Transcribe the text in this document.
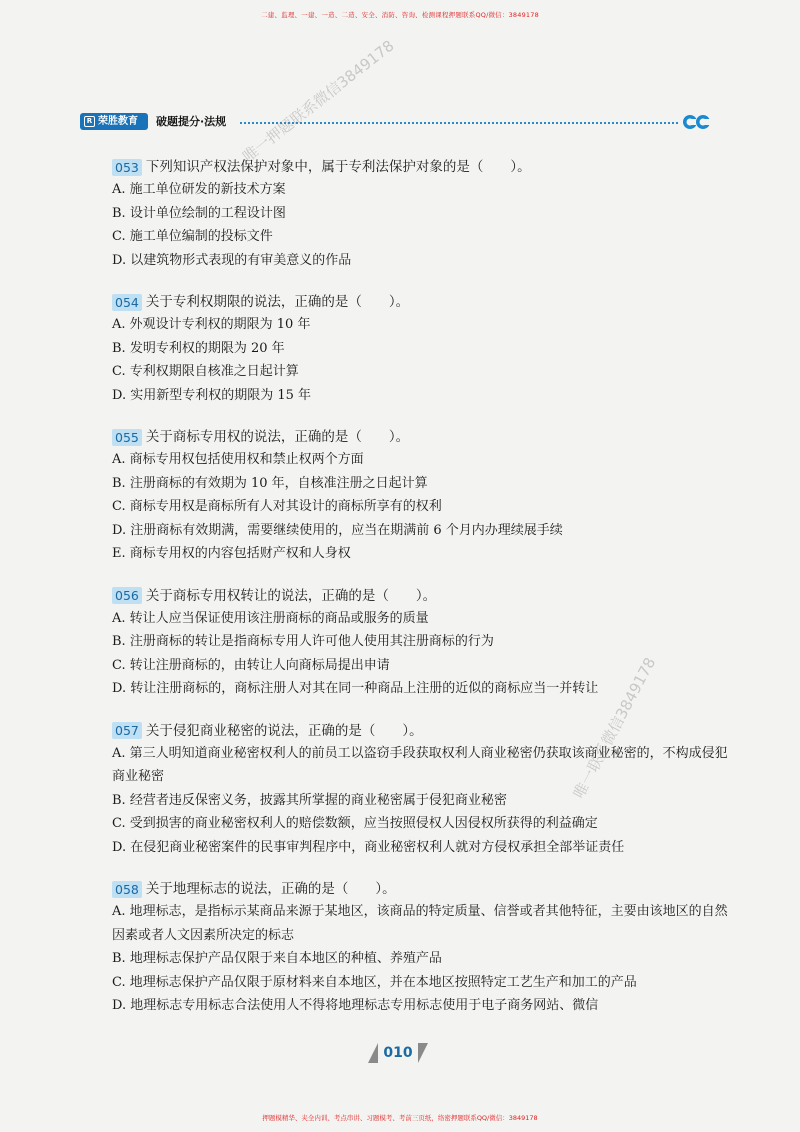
二建、监理、一建、一造、二造、安全、消防、咨询、检测课程押题联系QQ/微信：3849178
R 荣胜教育 破题提分·法规
053 下列知识产权法保护对象中，属于专利法保护对象的是（　　）。
A. 施工单位研发的新技术方案
B. 设计单位绘制的工程设计图
C. 施工单位编制的投标文件
D. 以建筑物形式表现的有审美意义的作品
054 关于专利权期限的说法，正确的是（　　）。
A. 外观设计专利权的期限为 10 年
B. 发明专利权的期限为 20 年
C. 专利权期限自核准之日起计算
D. 实用新型专利权的期限为 15 年
055 关于商标专用权的说法，正确的是（　　）。
A. 商标专用权包括使用权和禁止权两个方面
B. 注册商标的有效期为 10 年，自核准注册之日起计算
C. 商标专用权是商标所有人对其设计的商标所享有的权利
D. 注册商标有效期满，需要继续使用的，应当在期满前 6 个月内办理续展手续
E. 商标专用权的内容包括财产权和人身权
056 关于商标专用权转让的说法，正确的是（　　）。
A. 转让人应当保证使用该注册商标的商品或服务的质量
B. 注册商标的转让是指商标专用人许可他人使用其注册商标的行为
C. 转让注册商标的，由转让人向商标局提出申请
D. 转让注册商标的，商标注册人对其在同一种商品上注册的近似的商标应当一并转让
057 关于侵犯商业秘密的说法，正确的是（　　）。
A. 第三人明知道商业秘密权利人的前员工以盗窃手段获取权利人商业秘密仍获取该商业秘密的，不构成侵犯商业秘密
B. 经营者违反保密义务，披露其所掌握的商业秘密属于侵犯商业秘密
C. 受到损害的商业秘密权利人的赔偿数额，应当按照侵权人因侵权所获得的利益确定
D. 在侵犯商业秘密案件的民事审判程序中，商业秘密权利人就对方侵权承担全部举证责任
058 关于地理标志的说法，正确的是（　　）。
A. 地理标志，是指标示某商品来源于某地区，该商品的特定质量、信誉或者其他特征，主要由该地区的自然因素或者人文因素所决定的标志
B. 地理标志保护产品仅限于来自本地区的种植、养殖产品
C. 地理标志保护产品仅限于原材料来自本地区，并在本地区按照特定工艺生产和加工的产品
D. 地理标志专用标志合法使用人不得将地理标志专用标志使用于电子商务网站、微信
唯一押题联系微信3849178
唯一联系微信3849178
010
押题模精华、夹全内训、考点串讲、习题模考、考前三页纸，络密押题联系QQ/微信：3849178
